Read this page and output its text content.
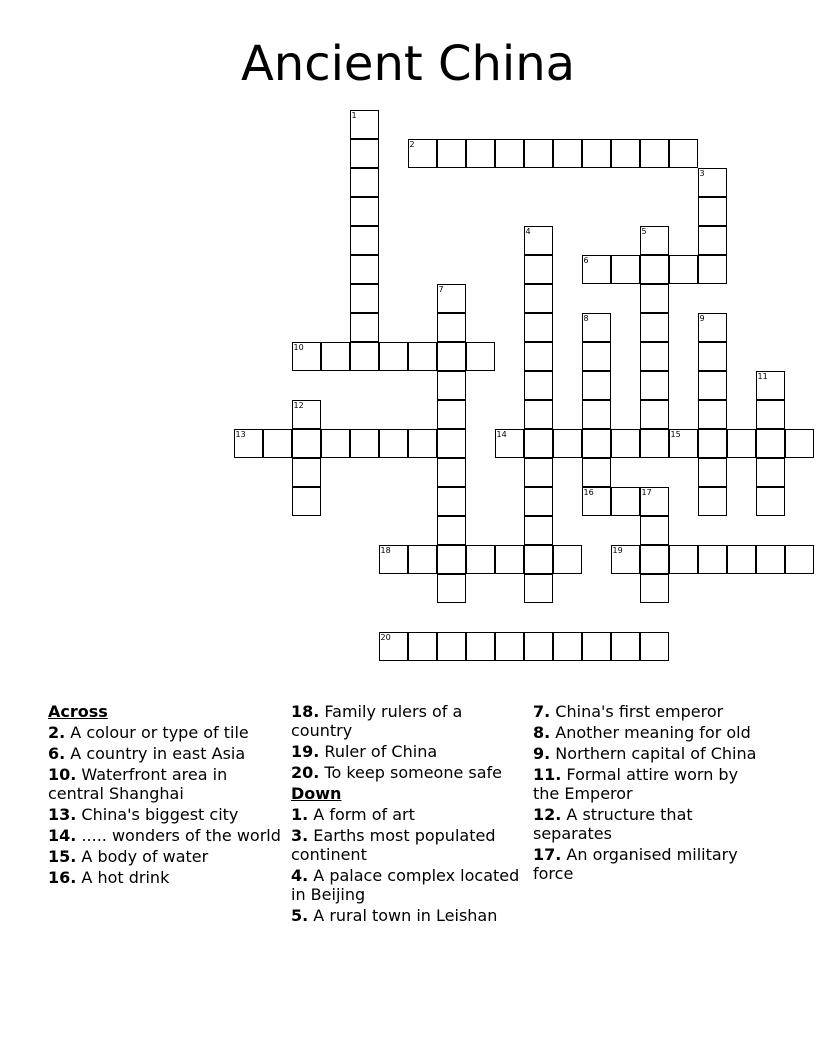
Ancient China
1
2
3
4	5
6
7
8
16
9
10
11
12
13	14	15
17
18	19
20
Across
2. A colour or type of tile
6. A country in east Asia
10. Waterfront area in central Shanghai
13. China's biggest city
14. ..... wonders of the world
15. A body of water
16. A hot drink
18. Family rulers of a country
19. Ruler of China
20. To keep someone safe
Down
1. A form of art
3. Earths most populated continent
4. A palace complex located in Beijing
5. A rural town in Leishan
7. China's first emperor
8. Another meaning for old
9. Northern capital of China
11. Formal attire worn by the Emperor
12. A structure that separates
17. An organised military force
